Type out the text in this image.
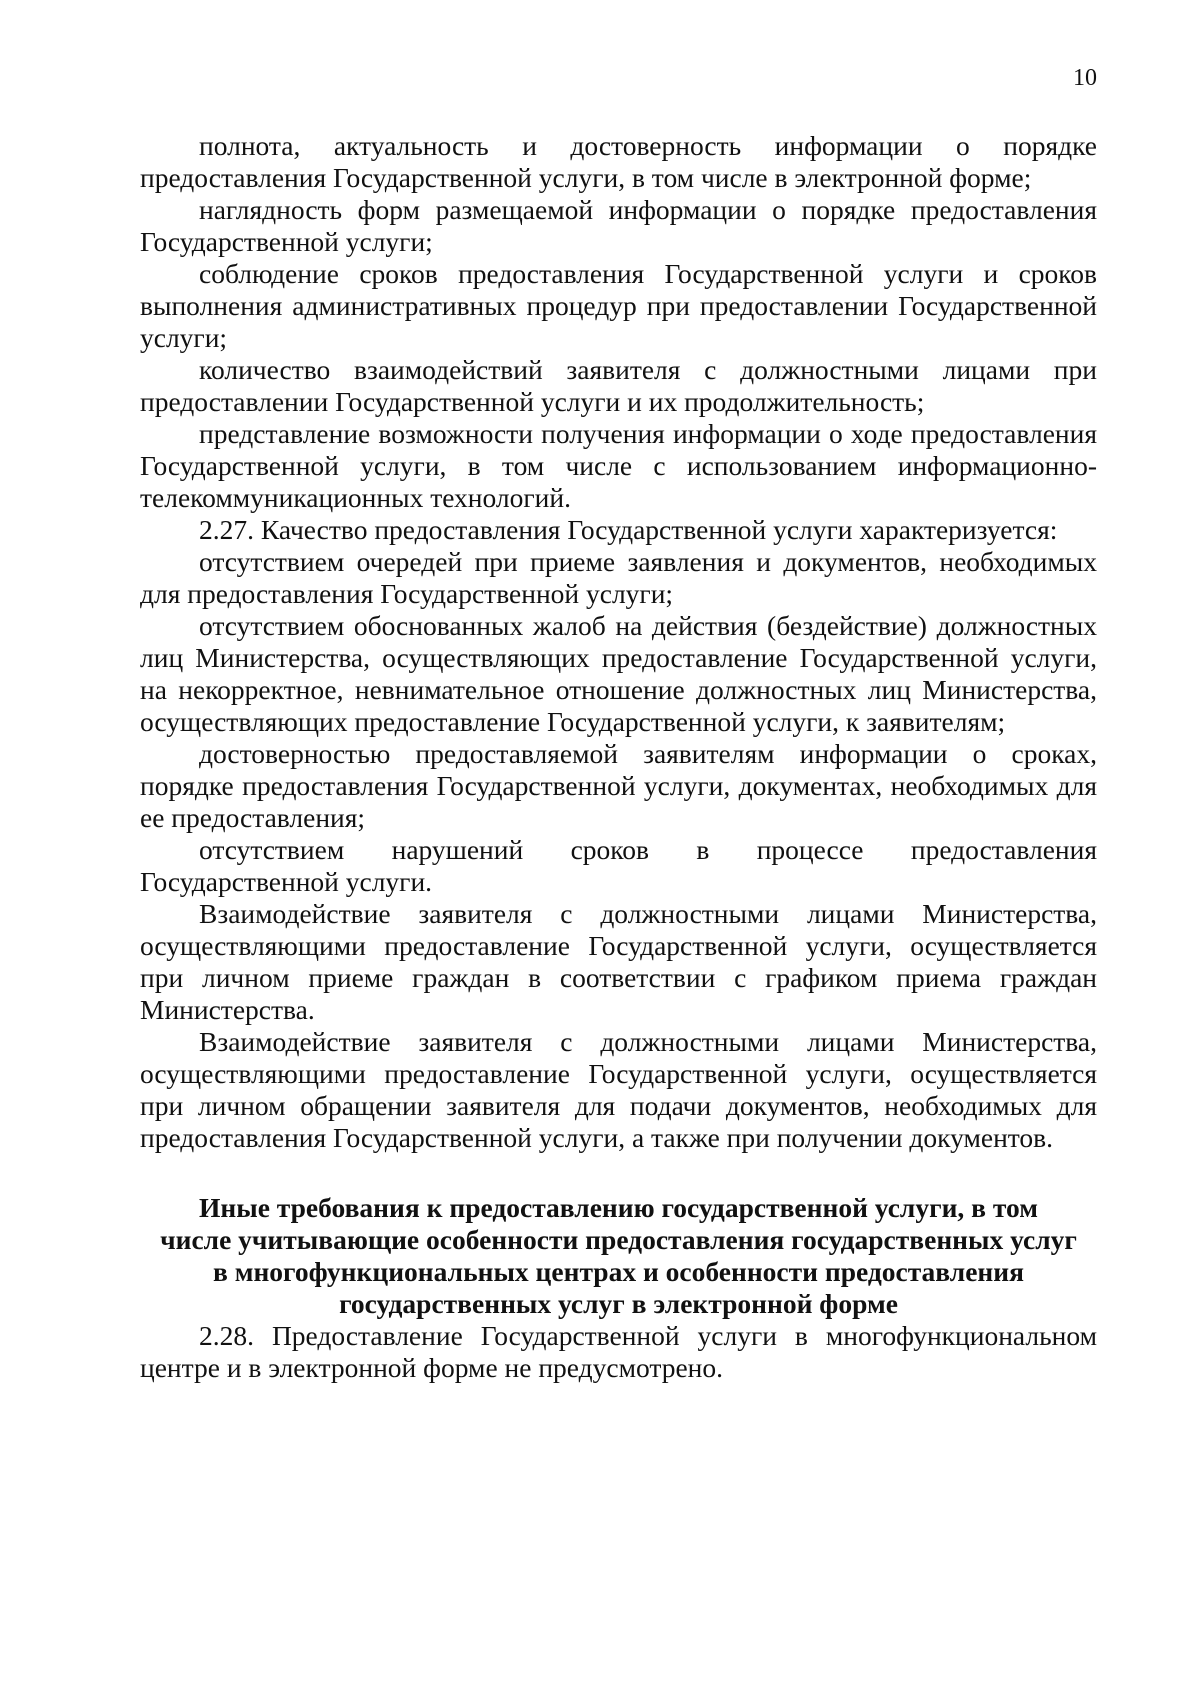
10

полнота, актуальность и достоверность информации о порядке предоставления Государственной услуги, в том числе в электронной форме;

наглядность форм размещаемой информации о порядке предоставления Государственной услуги;

соблюдение сроков предоставления Государственной услуги и сроков выполнения административных процедур при предоставлении Государственной услуги;

количество взаимодействий заявителя с должностными лицами при предоставлении Государственной услуги и их продолжительность;

представление возможности получения информации о ходе предоставления Государственной услуги, в том числе с использованием информационно-телекоммуникационных технологий.

2.27. Качество предоставления Государственной услуги характеризуется:

отсутствием очередей при приеме заявления и документов, необходимых для предоставления Государственной услуги;

отсутствием обоснованных жалоб на действия (бездействие) должностных лиц Министерства, осуществляющих предоставление Государственной услуги, на некорректное, невнимательное отношение должностных лиц Министерства, осуществляющих предоставление Государственной услуги, к заявителям;

достоверностью предоставляемой заявителям информации о сроках, порядке предоставления Государственной услуги, документах, необходимых для ее предоставления;

отсутствием нарушений сроков в процессе предоставления Государственной услуги.

Взаимодействие заявителя с должностными лицами Министерства, осуществляющими предоставление Государственной услуги, осуществляется при личном приеме граждан в соответствии с графиком приема граждан Министерства.

Взаимодействие заявителя с должностными лицами Министерства, осуществляющими предоставление Государственной услуги, осуществляется при личном обращении заявителя для подачи документов, необходимых для предоставления Государственной услуги, а также при получении документов.

Иные требования к предоставлению государственной услуги, в том числе учитывающие особенности предоставления государственных услуг в многофункциональных центрах и особенности предоставления государственных услуг в электронной форме

2.28. Предоставление Государственной услуги в многофункциональном центре и в электронной форме не предусмотрено.
